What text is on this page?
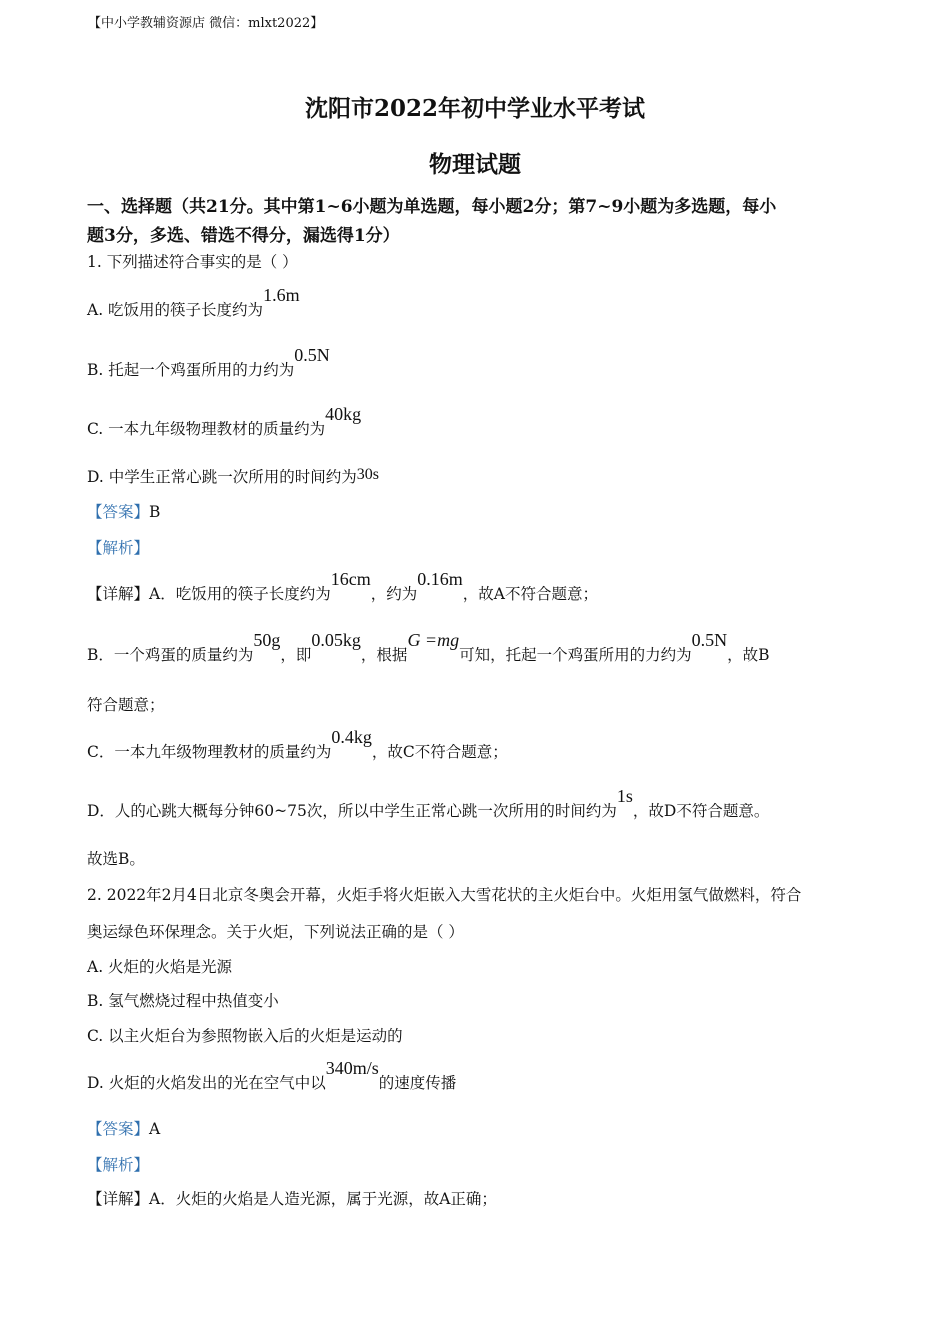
【中小学教辅资源店 微信：mlxt2022】
沈阳市2022年初中学业水平考试
物理试题
一、选择题（共21分。其中第1~6小题为单选题，每小题2分；第7~9小题为多选题，每小
题3分，多选、错选不得分，漏选得1分）
1. 下列描述符合事实的是（ ）
A. 吃饭用的筷子长度约为1.6m
B. 托起一个鸡蛋所用的力约为0.5N
C. 一本九年级物理教材的质量约为40kg
D. 中学生正常心跳一次所用的时间约为30s
【答案】B
【解析】
【详解】A．吃饭用的筷子长度约为16cm，约为0.16m，故A不符合题意；
B．一个鸡蛋的质量约为50g，即0.05kg，根据G =mg可知，托起一个鸡蛋所用的力约为0.5N，故B
符合题意；
C．一本九年级物理教材的质量约为0.4kg，故C不符合题意；
D．人的心跳大概每分钟60~75次，所以中学生正常心跳一次所用的时间约为1s，故D不符合题意。
故选B。
2. 2022年2月4日北京冬奥会开幕，火炬手将火炬嵌入大雪花状的主火炬台中。火炬用氢气做燃料，符合
奥运绿色环保理念。关于火炬，下列说法正确的是（ ）
A. 火炬的火焰是光源
B. 氢气燃烧过程中热值变小
C. 以主火炬台为参照物嵌入后的火炬是运动的
D. 火炬的火焰发出的光在空气中以340m/s的速度传播
【答案】A
【解析】
【详解】A．火炬的火焰是人造光源，属于光源，故A正确；
